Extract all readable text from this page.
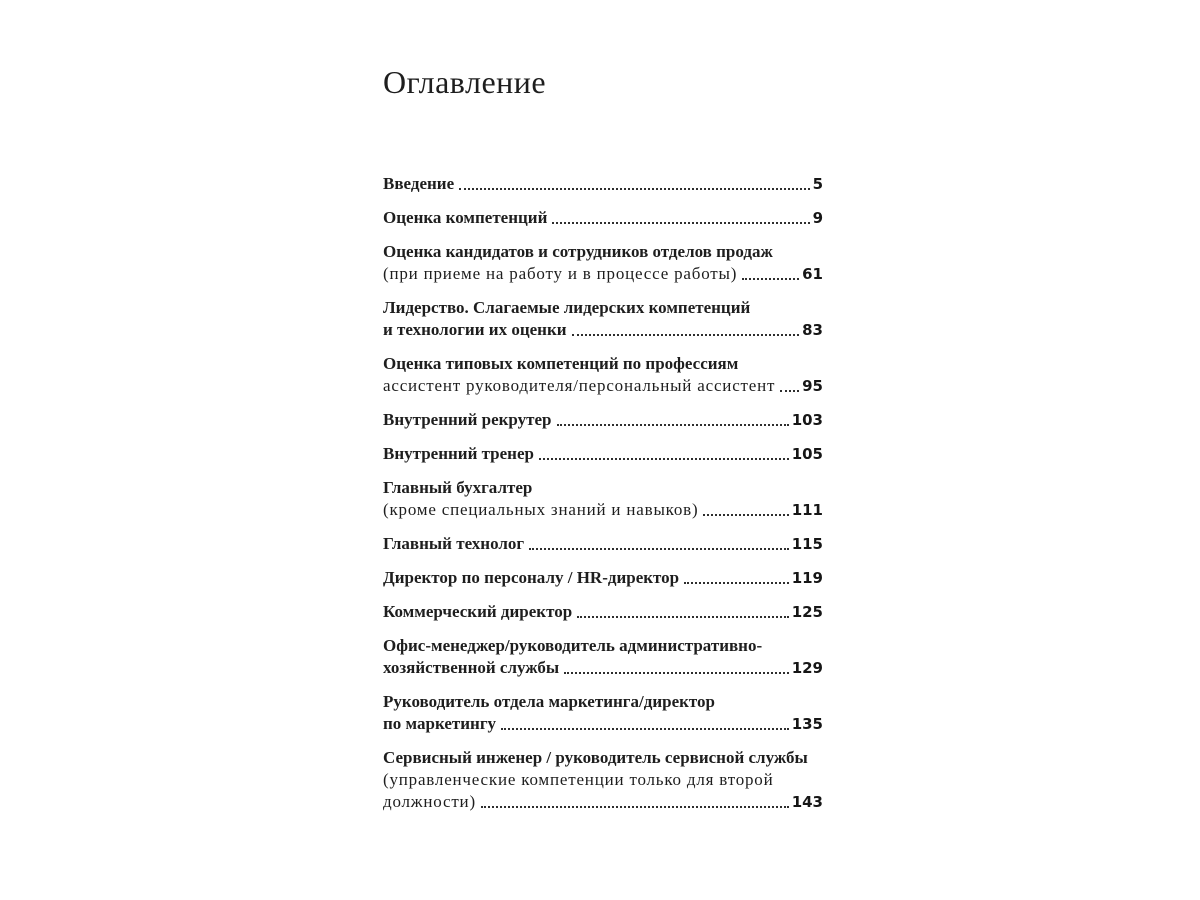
Оглавление
Введение	5
Оценка компетенций	9
Оценка кандидатов и сотрудников отделов продаж
(при приеме на работу и в процессе работы)	61
Лидерство. Слагаемые лидерских компетенций
и технологии их оценки	83
Оценка типовых компетенций по профессиям
ассистент руководителя/персональный ассистент 95
Внутренний рекрутер	103
Внутренний тренер	105
Главный бухгалтер
(кроме специальных знаний и навыков)	111
Главный технолог	115
Директор по персоналу / HR-директор	119
Коммерческий директор	125
Офис-менеджер/руководитель административно-
хозяйственной службы	129
Руководитель отдела маркетинга/директор
по маркетингу	135
Сервисный инженер / руководитель сервисной службы
(управленческие компетенции только для второй
должности)	143
